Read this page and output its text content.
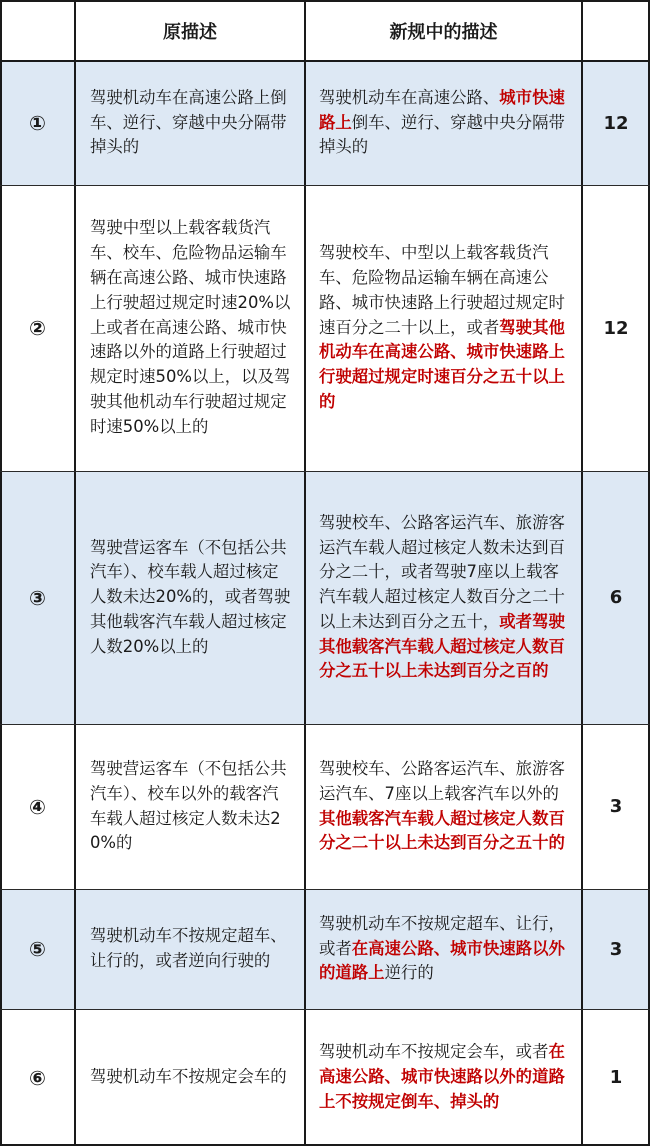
原描述	新规中的描述
①
驾驶机动车在高速公路上倒车、逆行、穿越中央分隔带掉头的
驾驶机动车在高速公路、城市快速路上倒车、逆行、穿越中央分隔带掉头的
12
②
驾驶中型以上载客载货汽车、校车、危险物品运输车辆在高速公路、城市快速路上行驶超过规定时速20%以上或者在高速公路、城市快速路以外的道路上行驶超过规定时速50%以上，以及驾驶其他机动车行驶超过规定时速50%以上的
驾驶校车、中型以上载客载货汽车、危险物品运输车辆在高速公路、城市快速路上行驶超过规定时速百分之二十以上，或者驾驶其他机动车在高速公路、城市快速路上行驶超过规定时速百分之五十以上的
12
③
驾驶营运客车（不包括公共汽车）、校车载人超过核定人数未达20%的，或者驾驶其他载客汽车载人超过核定人数20%以上的
驾驶校车、公路客运汽车、旅游客运汽车载人超过核定人数未达到百分之二十，或者驾驶7座以上载客汽车载人超过核定人数百分之二十以上未达到百分之五十，或者驾驶其他载客汽车载人超过核定人数百分之五十以上未达到百分之百的
6
④
驾驶营运客车（不包括公共汽车）、校车以外的载客汽车载人超过核定人数未达20%的
驾驶校车、公路客运汽车、旅游客运汽车、7座以上载客汽车以外的其他载客汽车载人超过核定人数百分之二十以上未达到百分之五十的
3
⑤
驾驶机动车不按规定超车、让行的，或者逆向行驶的
驾驶机动车不按规定超车、让行，或者在高速公路、城市快速路以外的道路上逆行的
3
⑥	驾驶机动车不按规定会车的
驾驶机动车不按规定会车，或者在高速公路、城市快速路以外的道路上不按规定倒车、掉头的
1
